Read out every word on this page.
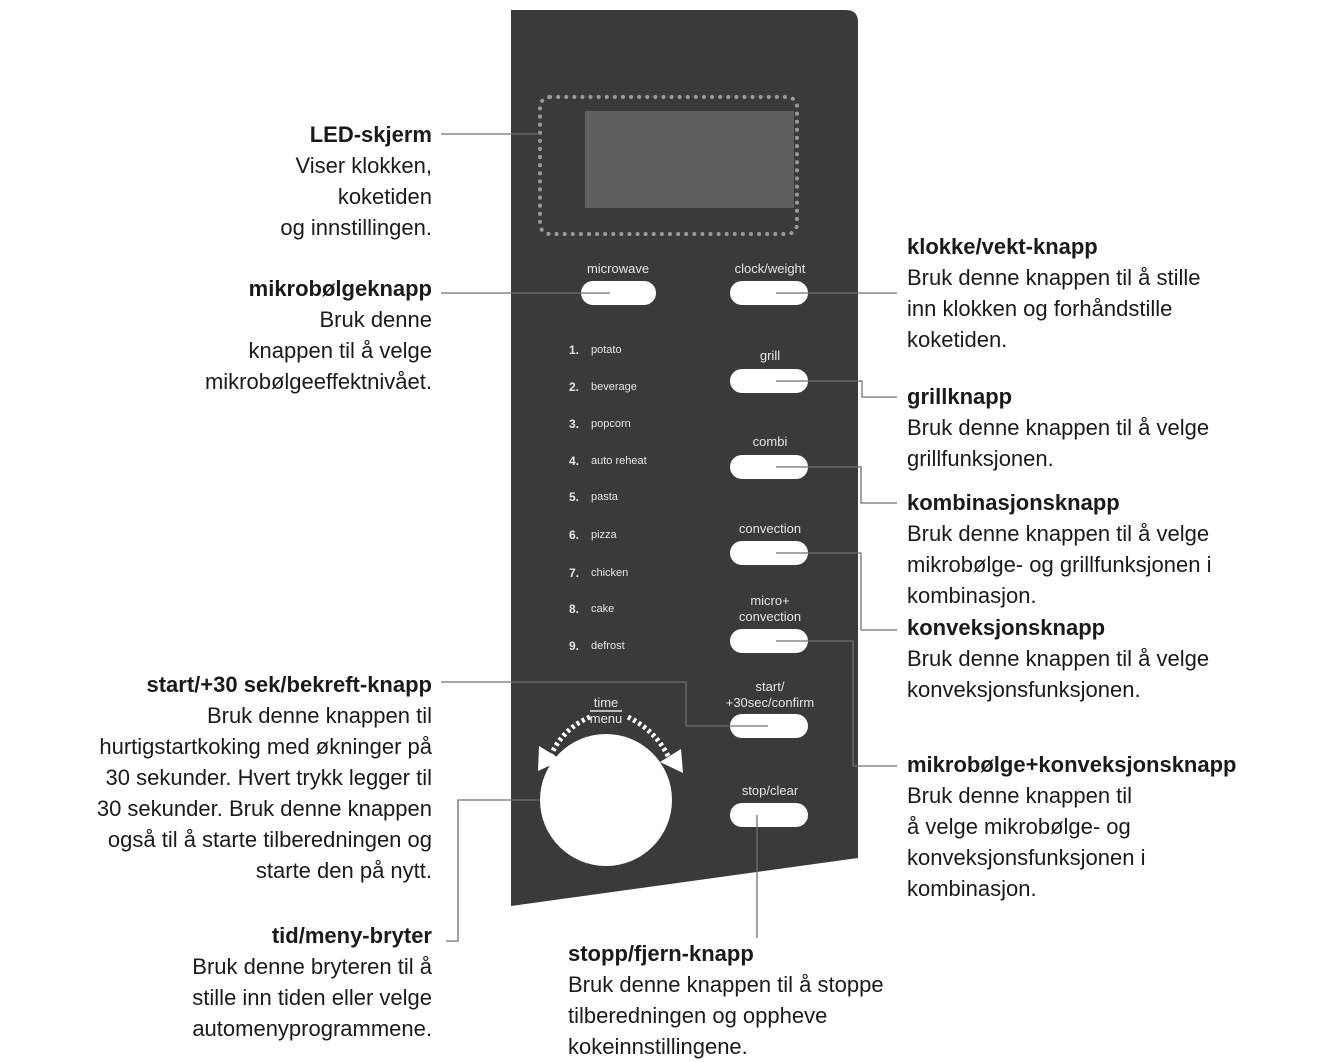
microwave	clock/weight
grill
combi
convection
micro+
convection
start/
+30sec/confirm
stop/clear
1. potato
2. beverage
3. popcorn
4. auto reheat
5. pasta
6. pizza
7. chicken
8. cake
9. defrost
time
menu
LED-skjerm
Viser klokken,
koketiden
og innstillingen.
mikrobølgeknapp
Bruk denne
knappen til å velge
mikrobølgeeffektnivået.
start/+30 sek/bekreft-knapp
Bruk denne knappen til
hurtigstartkoking med økninger på
30 sekunder. Hvert trykk legger til
30 sekunder. Bruk denne knappen
også til å starte tilberedningen og
starte den på nytt.
tid/meny-bryter
Bruk denne bryteren til å
stille inn tiden eller velge
automenyprogrammene.
klokke/vekt-knapp
Bruk denne knappen til å stille
inn klokken og forhåndstille
koketiden.
grillknapp
Bruk denne knappen til å velge
grillfunksjonen.
kombinasjonsknapp
Bruk denne knappen til å velge
mikrobølge- og grillfunksjonen i
kombinasjon.
konveksjonsknapp
Bruk denne knappen til å velge
konveksjonsfunksjonen.
mikrobølge+konveksjonsknapp
Bruk denne knappen til
å velge mikrobølge- og
konveksjonsfunksjonen i
kombinasjon.
stopp/fjern-knapp
Bruk denne knappen til å stoppe
tilberedningen og oppheve
kokeinnstillingene.
